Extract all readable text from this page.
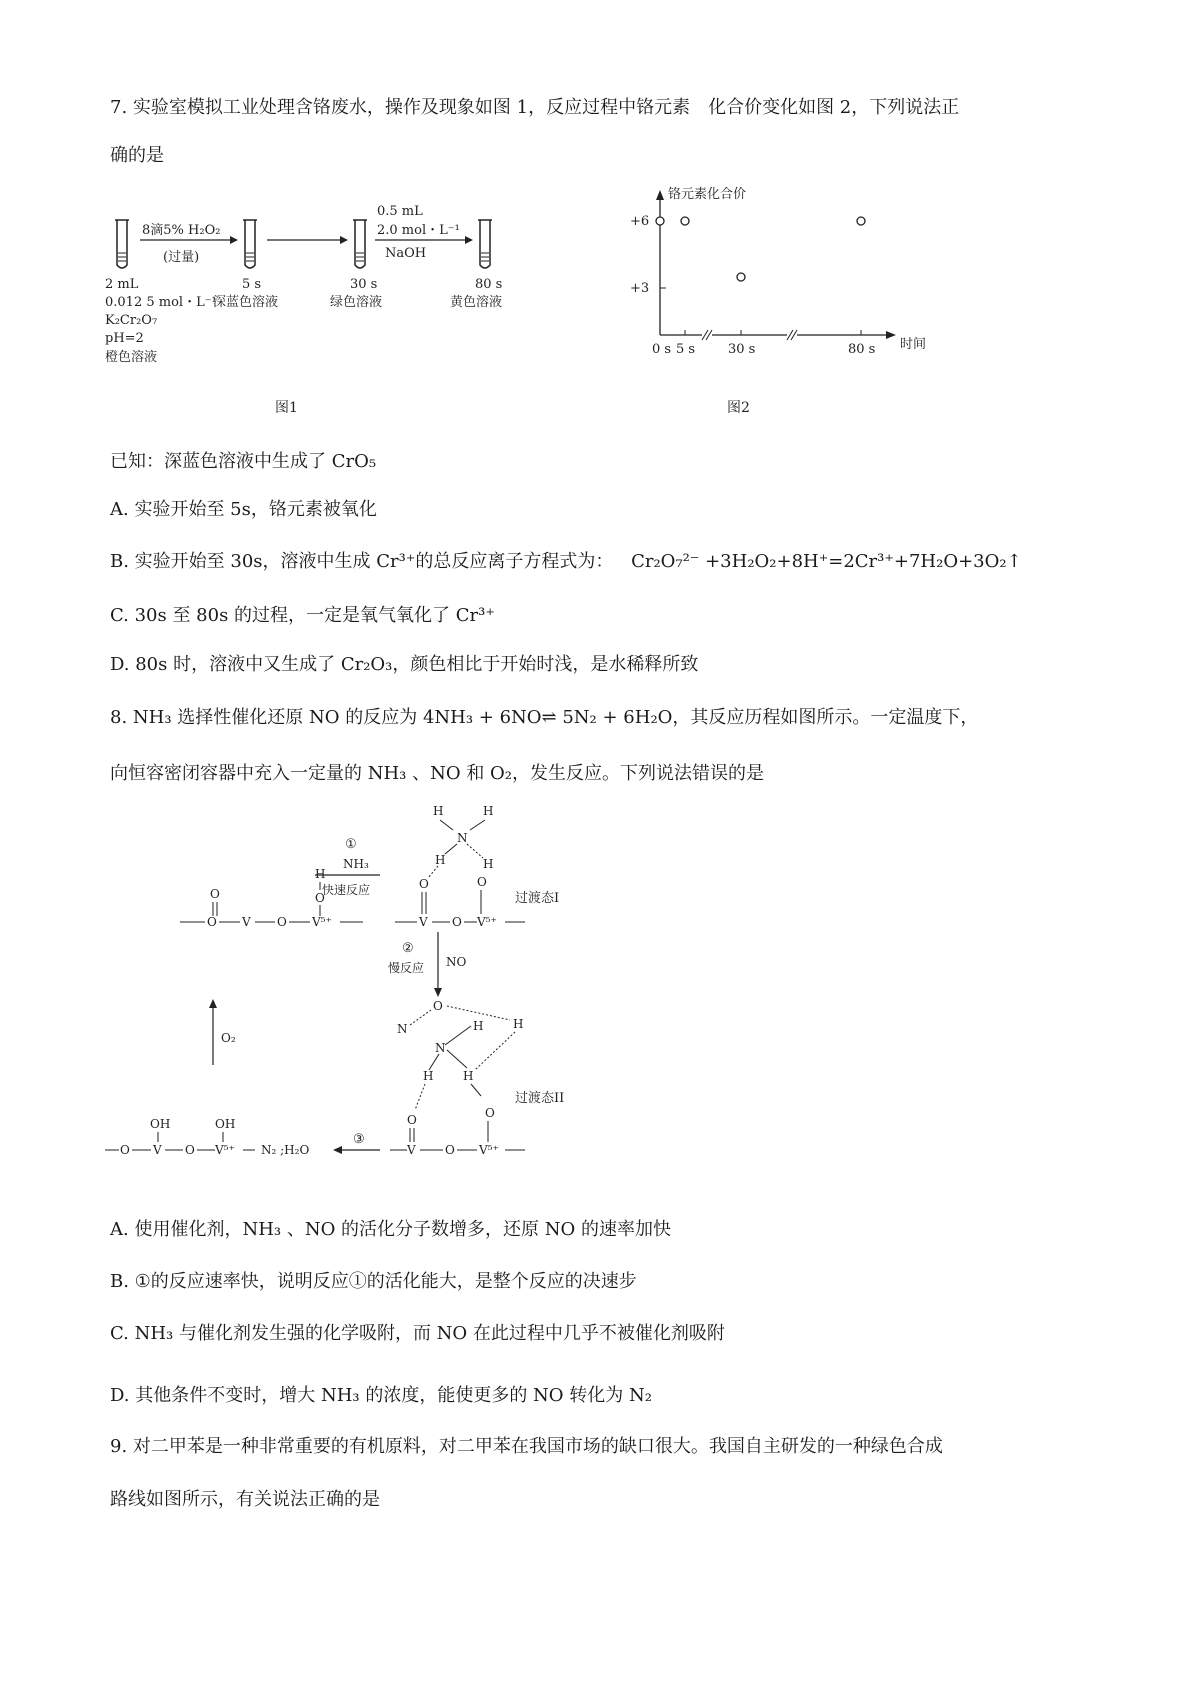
7. 实验室模拟工业处理含铬废水，操作及现象如图 1，反应过程中铬元素　化合价变化如图 2，下列说法正
确的是
8滴5% H₂O₂
(过量)
0.5 mL
2.0 mol・L⁻¹
NaOH
2 mL
0.012 5 mol・L⁻¹
K₂Cr₂O₇
pH=2
橙色溶液
5 s
深蓝色溶液
30 s
绿色溶液
80 s
黄色溶液
图1
铬元素化合价
时间
+6
+3
0 s 5 s	30 s	80 s
图2
已知：深蓝色溶液中生成了 CrO₅
A. 实验开始至 5s，铬元素被氧化
B. 实验开始至 30s，溶液中生成 Cr³⁺的总反应离子方程式为： Cr₂O₇²⁻ +3H₂O₂+8H⁺=2Cr³⁺+7H₂O+3O₂↑
C. 30s 至 80s 的过程，一定是氧气氧化了 Cr³⁺
D. 80s 时，溶液中又生成了 Cr₂O₃，颜色相比于开始时浅，是水稀释所致
8. NH₃ 选择性催化还原 NO 的反应为 4NH₃ + 6NO⇌ 5N₂ + 6H₂O，其反应历程如图所示。一定温度下，
向恒容密闭容器中充入一定量的 NH₃ 、NO 和 O₂，发生反应。下列说法错误的是
H
O
O
O V O V⁵⁺
①
NH₃
快速反应
H	H
N
H	H
O	O
V O V⁵⁺
过渡态I
②
慢反应 NO
O
N	H H
N
H H
O
O
V O V⁵⁺
过渡态II
③
OH	OH
O V O V⁵⁺ N₂ ;H₂O
O₂
A. 使用催化剂，NH₃ 、NO 的活化分子数增多，还原 NO 的速率加快
B. ①的反应速率快，说明反应①的活化能大，是整个反应的决速步
C. NH₃ 与催化剂发生强的化学吸附，而 NO 在此过程中几乎不被催化剂吸附
D. 其他条件不变时，增大 NH₃ 的浓度，能使更多的 NO 转化为 N₂
9. 对二甲苯是一种非常重要的有机原料，对二甲苯在我国市场的缺口很大。我国自主研发的一种绿色合成
路线如图所示，有关说法正确的是
